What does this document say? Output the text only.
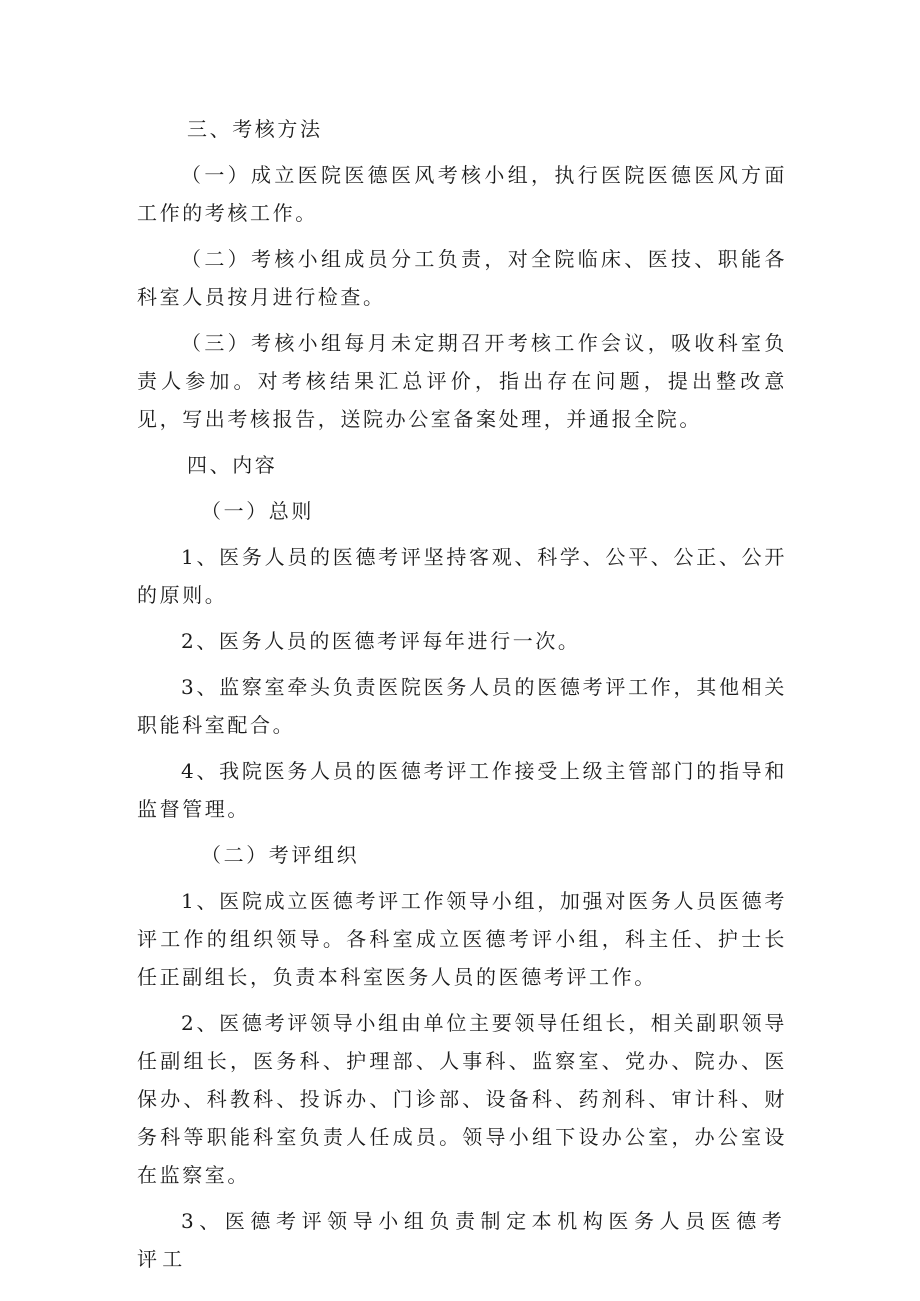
三、考核方法

（一）成立医院医德医风考核小组，执行医院医德医风方面工作的考核工作。

（二）考核小组成员分工负责，对全院临床、医技、职能各科室人员按月进行检查。

（三）考核小组每月未定期召开考核工作会议，吸收科室负责人参加。对考核结果汇总评价，指出存在问题，提出整改意见，写出考核报告，送院办公室备案处理，并通报全院。

四、内容

（一）总则

1、医务人员的医德考评坚持客观、科学、公平、公正、公开的原则。

2、医务人员的医德考评每年进行一次。

3、监察室牵头负责医院医务人员的医德考评工作，其他相关职能科室配合。

4、我院医务人员的医德考评工作接受上级主管部门的指导和监督管理。

（二）考评组织

1、医院成立医德考评工作领导小组，加强对医务人员医德考评工作的组织领导。各科室成立医德考评小组，科主任、护士长任正副组长，负责本科室医务人员的医德考评工作。

2、医德考评领导小组由单位主要领导任组长，相关副职领导任副组长，医务科、护理部、人事科、监察室、党办、院办、医保办、科教科、投诉办、门诊部、设备科、药剂科、审计科、财务科等职能科室负责人任成员。领导小组下设办公室，办公室设在监察室。

3、医德考评领导小组负责制定本机构医务人员医德考评工
